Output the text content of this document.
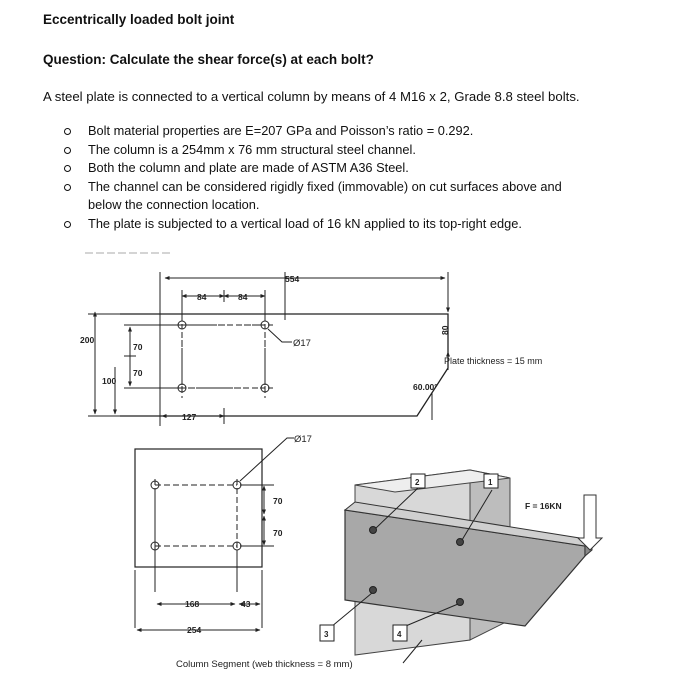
Eccentrically loaded bolt joint
Question: Calculate the shear force(s) at each bolt?
A steel plate is connected to a vertical column by means of 4 M16 x 2, Grade 8.8 steel bolts.
Bolt material properties are E=207 GPa and Poisson’s ratio = 0.292.
The column is a 254mm x 76 mm structural steel channel.
Both the column and plate are made of ASTM A36 Steel.
The channel can be considered rigidly fixed (immovable) on cut surfaces above and
below the connection location.
The plate is subjected to a vertical load of 16 kN applied to its top-right edge.
554
84	84
200
70
70
100
127
80
Ø17
Plate thickness = 15 mm
60.00°
Ø17
70
70
168	43
254
1
2
3	4
F = 16KN
Column Segment (web thickness = 8 mm)
